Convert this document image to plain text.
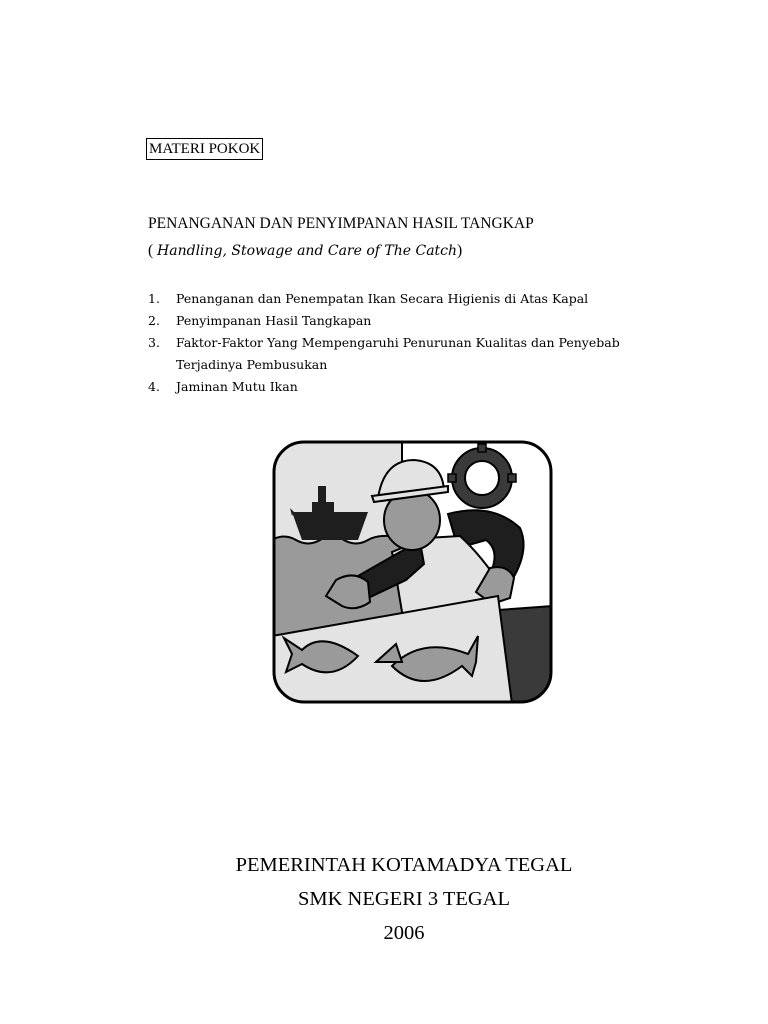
MATERI POKOK
PENANGANAN DAN PENYIMPANAN HASIL TANGKAP
( Handling, Stowage and Care of The Catch)
1. Penanganan dan Penempatan Ikan Secara Higienis di Atas Kapal
2. Penyimpanan Hasil Tangkapan
3. Faktor-Faktor Yang Mempengaruhi Penurunan Kualitas dan Penyebab
Terjadinya Pembusukan
4. Jaminan Mutu Ikan
PEMERINTAH KOTAMADYA TEGAL
SMK NEGERI 3 TEGAL
2006
